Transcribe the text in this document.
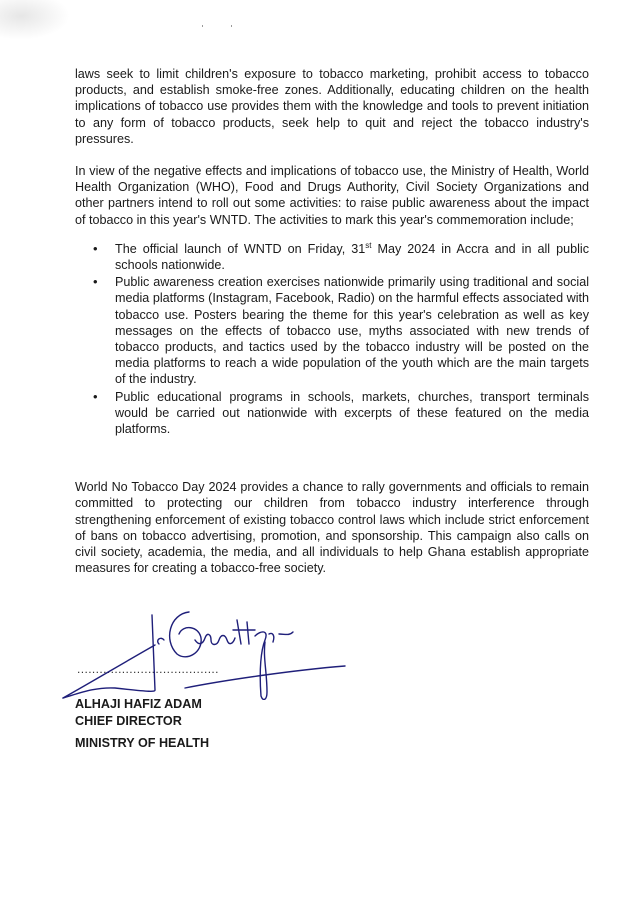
laws seek to limit children's exposure to tobacco marketing, prohibit access to tobacco products, and establish smoke-free zones. Additionally, educating children on the health implications of tobacco use provides them with the knowledge and tools to prevent initiation to any form of tobacco products, seek help to quit and reject the tobacco industry's pressures.

In view of the negative effects and implications of tobacco use, the Ministry of Health, World Health Organization (WHO), Food and Drugs Authority, Civil Society Organizations and other partners intend to roll out some activities: to raise public awareness about the impact of tobacco in this year's WNTD. The activities to mark this year's commemoration include;

• The official launch of WNTD on Friday, 31st May 2024 in Accra and in all public schools nationwide.
• Public awareness creation exercises nationwide primarily using traditional and social media platforms (Instagram, Facebook, Radio) on the harmful effects associated with tobacco use. Posters bearing the theme for this year's celebration as well as key messages on the effects of tobacco use, myths associated with new trends of tobacco products, and tactics used by the tobacco industry will be posted on the media platforms to reach a wide population of the youth which are the main targets of the industry.
• Public educational programs in schools, markets, churches, transport terminals would be carried out nationwide with excerpts of these featured on the media platforms.

World No Tobacco Day 2024 provides a chance to rally governments and officials to remain committed to protecting our children from tobacco industry interference through strengthening enforcement of existing tobacco control laws which include strict enforcement of bans on tobacco advertising, promotion, and sponsorship. This campaign also calls on civil society, academia, the media, and all individuals to help Ghana establish appropriate measures for creating a tobacco-free society.

......................................
ALHAJI HAFIZ ADAM
CHIEF DIRECTOR
MINISTRY OF HEALTH
